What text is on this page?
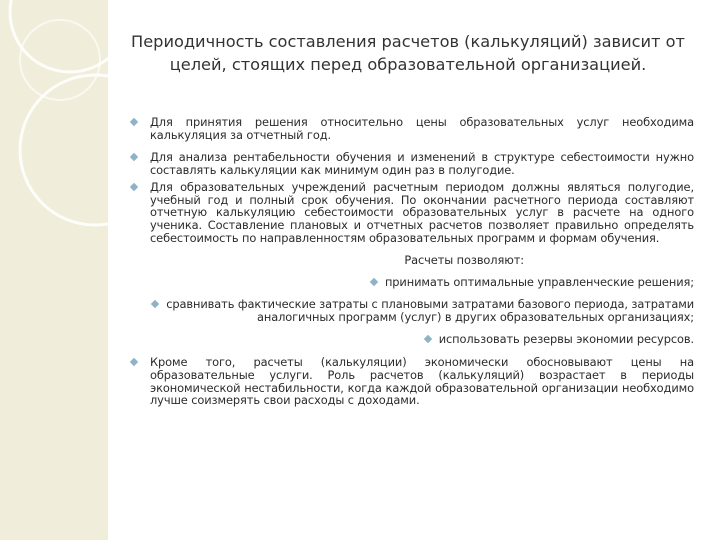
Периодичность составления расчетов (калькуляций) зависит от целей, стоящих перед образовательной организацией.
Для принятия решения относительно цены образовательных услуг необходима калькуляция за отчетный год.
Для анализа рентабельности обучения и изменений в структуре себестоимости нужно составлять калькуляции как минимум один раз в полугодие.
Для образовательных учреждений расчетным периодом должны являться полугодие, учебный год и полный срок обучения. По окончании расчетного периода составляют отчетную калькуляцию себестоимости образовательных услуг в расчете на одного ученика. Составление плановых и отчетных расчетов позволяет правильно определять себестоимость по направленностям образовательных программ и формам обучения.
Расчеты позволяют:
принимать оптимальные управленческие решения;
сравнивать фактические затраты с плановыми затратами базового периода, затратами аналогичных программ (услуг) в других образовательных организациях;
использовать резервы экономии ресурсов.
Кроме того, расчеты (калькуляции) экономически обосновывают цены на образовательные услуги. Роль расчетов (калькуляций) возрастает в периоды экономической нестабильности, когда каждой образовательной организации необходимо лучше соизмерять свои расходы с доходами.
